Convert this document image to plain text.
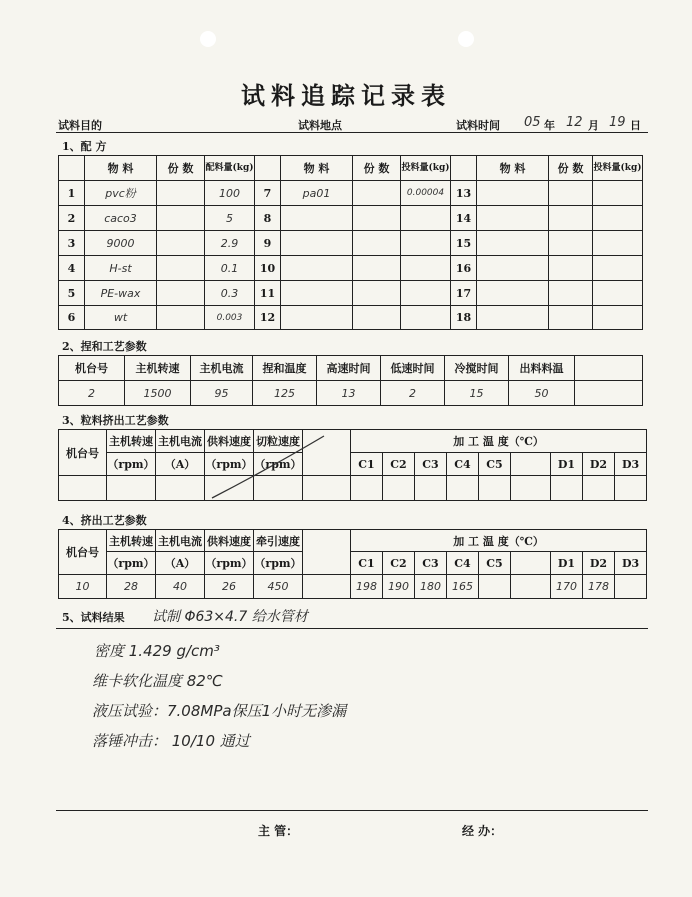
试料追踪记录表
试料目的	试料地点	试料时间 05 年 12 月 19 日
1、配 方
	物 料	份 数	配料量(kg)		物 料	份 数	投料量(kg)		物 料	份 数	投料量(kg)
1	pvc粉		100	7	pa01		0.00004	13			
2	caco3		5	8				14			
3	9000		2.9	9				15			
4	H-st		0.1	10				16			
5	PE-wax		0.3	11				17			
6	wt		0.003	12				18			
2、捏和工艺参数
机台号	主机转速	主机电流	捏和温度	高速时间	低速时间	冷搅时间	出料料温	
2	1500	95	125	13	2	15	50	
3、粒料挤出工艺参数
机台号	主机转速	主机电流	供料速度	切粒速度		加 工 温 度（℃）								
	（rpm）	（A）	（rpm）	（rpm）		C1	C2	C3	C4	C5		D1	D2	D3

4、挤出工艺参数
机台号	主机转速	主机电流	供料速度	牵引速度		加 工 温 度（℃）								
	（rpm）	（A）	（rpm）	（rpm）		C1	C2	C3	C4	C5		D1	D2	D3
10	28	40	26	450		198	190	180	165			170	178	
5、试料结果 试制 Φ63×4.7 给水管材
密度 1.429 g/cm³
维卡软化温度 82℃
液压试验：7.08MPa保压1小时无渗漏
落锤冲击： 10/10 通过
主 管：	经 办：
